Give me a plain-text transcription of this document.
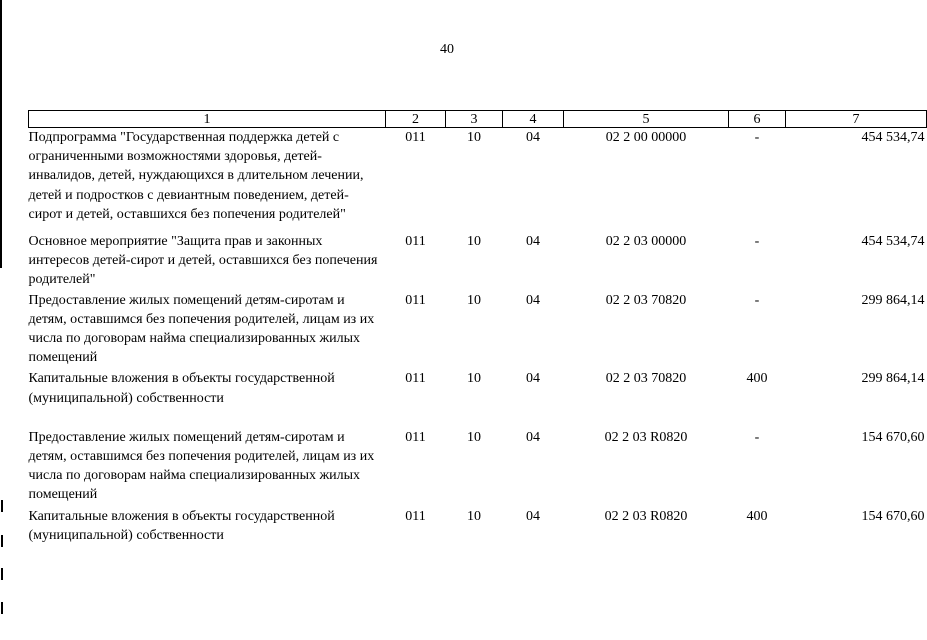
40
1	2	3	4	5	6	7
Подпрограмма "Государственная поддержка детей с ограниченными возможностями здоровья, детей-инвалидов, детей, нуждающихся в длительном лечении, детей и подростков с девиантным поведением, детей-сирот и детей, оставшихся без попечения родителей"	011	10	04	02 2 00 00000	-	454 534,74
Основное мероприятие "Защита прав и законных интересов детей-сирот и детей, оставшихся без попечения родителей"	011	10	04	02 2 03 00000	-	454 534,74
Предоставление жилых помещений детям-сиротам и детям, оставшимся без попечения родителей, лицам из их числа по договорам найма специализированных жилых помещений	011	10	04	02 2 03 70820	-	299 864,14
Капитальные вложения в объекты государственной (муниципальной) собственности	011	10	04	02 2 03 70820	400	299 864,14
Предоставление жилых помещений детям-сиротам и детям, оставшимся без попечения родителей, лицам из их числа по договорам найма специализированных жилых помещений	011	10	04	02 2 03 R0820	-	154 670,60
Капитальные вложения в объекты государственной (муниципальной) собственности	011	10	04	02 2 03 R0820	400	154 670,60
